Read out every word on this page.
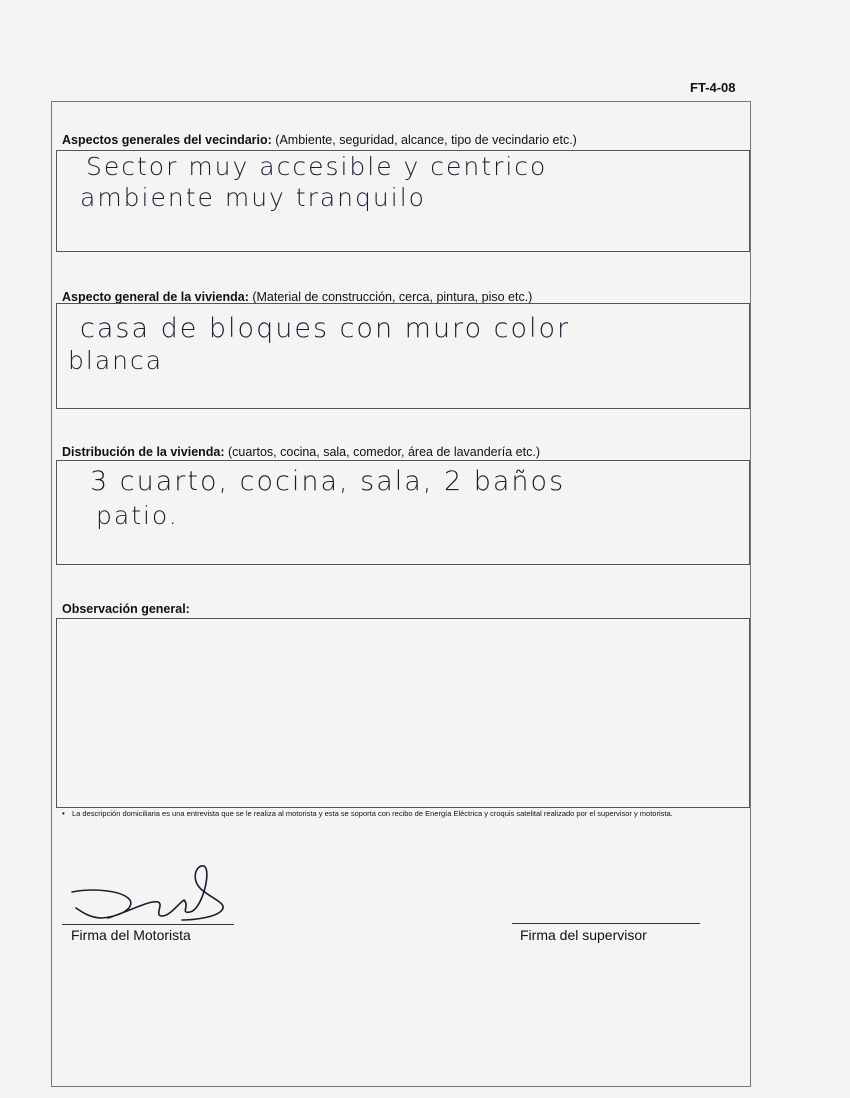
FT-4-08
Aspectos generales del vecindario: (Ambiente, seguridad, alcance, tipo de vecindario etc.)
Sector muy accesible y centrico
ambiente muy tranquilo
Aspecto general de la vivienda: (Material de construcción, cerca, pintura, piso etc.)
casa de bloques con muro color
blanca
Distribución de la vivienda: (cuartos, cocina, sala, comedor, área de lavandería etc.)
3 cuarto, cocina, sala, 2 baños
patio.
Observación general:
• La descripción domiciliaria es una entrevista que se le realiza al motorista y esta se soporta con recibo de Energía Eléctrica y croquis satelital realizado por el supervisor y motorista.
Firma del Motorista	Firma del supervisor
